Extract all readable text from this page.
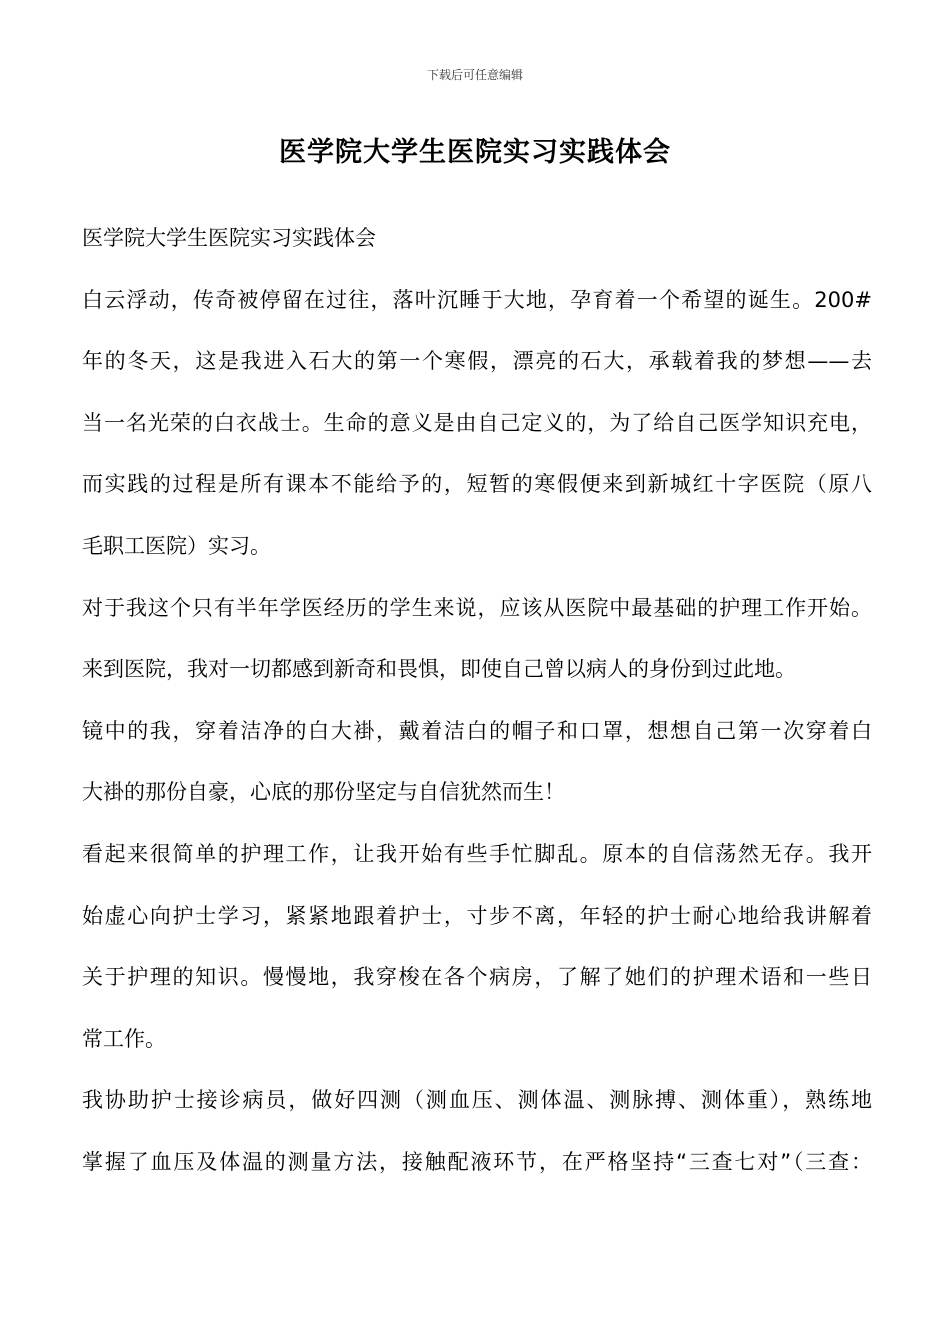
下载后可任意编辑
医学院大学生医院实习实践体会
医学院大学生医院实习实践体会
白云浮动，传奇被停留在过往，落叶沉睡于大地，孕育着一个希望的诞生。200#
年的冬天，这是我进入石大的第一个寒假，漂亮的石大，承载着我的梦想——去
当一名光荣的白衣战士。生命的意义是由自己定义的，为了给自己医学知识充电，
而实践的过程是所有课本不能给予的，短暂的寒假便来到新城红十字医院（原八
毛职工医院）实习。
对于我这个只有半年学医经历的学生来说，应该从医院中最基础的护理工作开始。
来到医院，我对一切都感到新奇和畏惧，即使自己曾以病人的身份到过此地。
镜中的我，穿着洁净的白大褂，戴着洁白的帽子和口罩，想想自己第一次穿着白
大褂的那份自豪，心底的那份坚定与自信犹然而生！
看起来很简单的护理工作，让我开始有些手忙脚乱。原本的自信荡然无存。我开
始虚心向护士学习，紧紧地跟着护士，寸步不离，年轻的护士耐心地给我讲解着
关于护理的知识。慢慢地，我穿梭在各个病房，了解了她们的护理术语和一些日
常工作。
我协助护士接诊病员，做好四测（测血压、测体温、测脉搏、测体重），熟练地
掌握了血压及体温的测量方法，接触配液环节，在严格坚持“三查七对”（三查：
